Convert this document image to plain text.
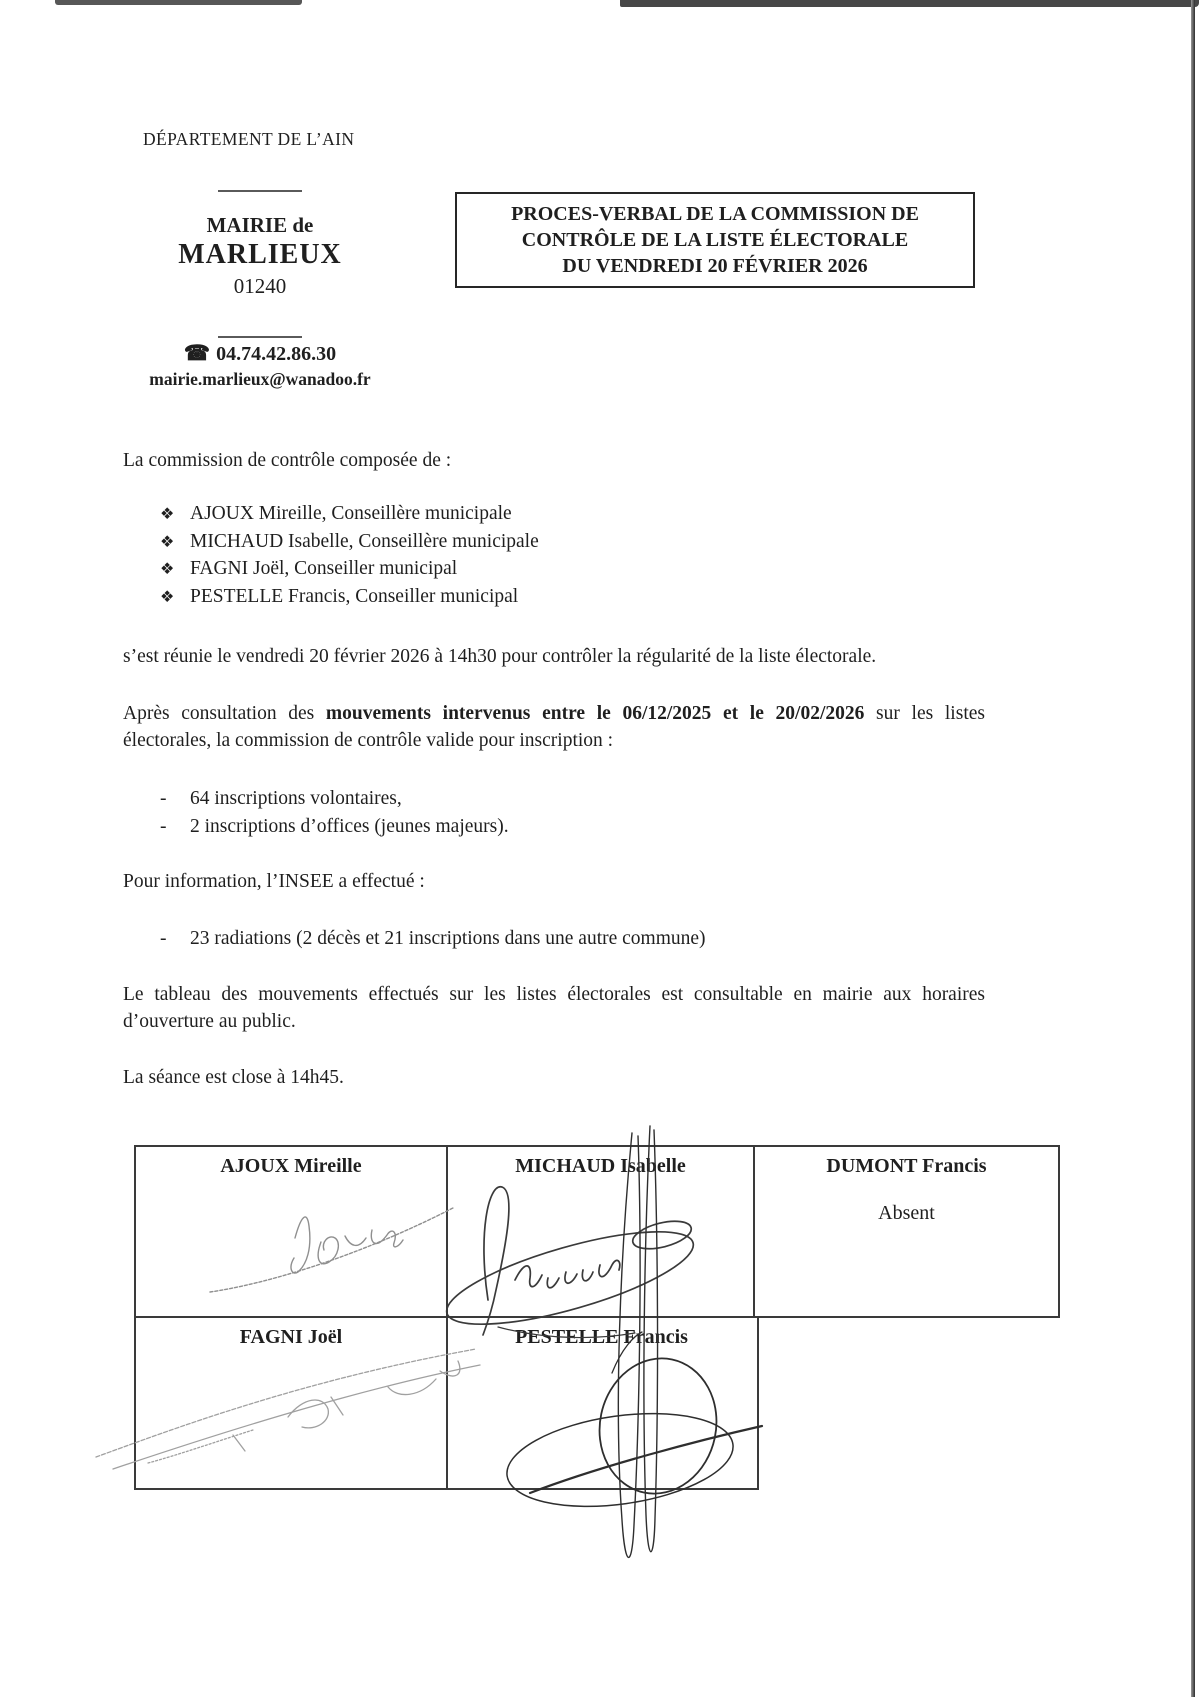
DÉPARTEMENT DE L’AIN
MAIRIE de
MARLIEUX
01240
☎ 04.74.42.86.30
mairie.marlieux@wanadoo.fr
PROCES-VERBAL DE LA COMMISSION DE
CONTRÔLE DE LA LISTE ÉLECTORALE
DU VENDREDI 20 FÉVRIER 2026
La commission de contrôle composée de :
❖ AJOUX Mireille, Conseillère municipale
❖ MICHAUD Isabelle, Conseillère municipale
❖ FAGNI Joël, Conseiller municipal
❖ PESTELLE Francis, Conseiller municipal
s’est réunie le vendredi 20 février 2026 à 14h30 pour contrôler la régularité de la liste électorale.
Après consultation des mouvements intervenus entre le 06/12/2025 et le 20/02/2026 sur les listes électorales, la commission de contrôle valide pour inscription :
-	64 inscriptions volontaires,
-	2 inscriptions d’offices (jeunes majeurs).
Pour information, l’INSEE a effectué :
-	23 radiations (2 décès et 21 inscriptions dans une autre commune)
Le tableau des mouvements effectués sur les listes électorales est consultable en mairie aux horaires d’ouverture au public.
La séance est close à 14h45.
AJOUX Mireille	MICHAUD Isabelle	DUMONT Francis
Absent
FAGNI Joël	PESTELLE Francis
